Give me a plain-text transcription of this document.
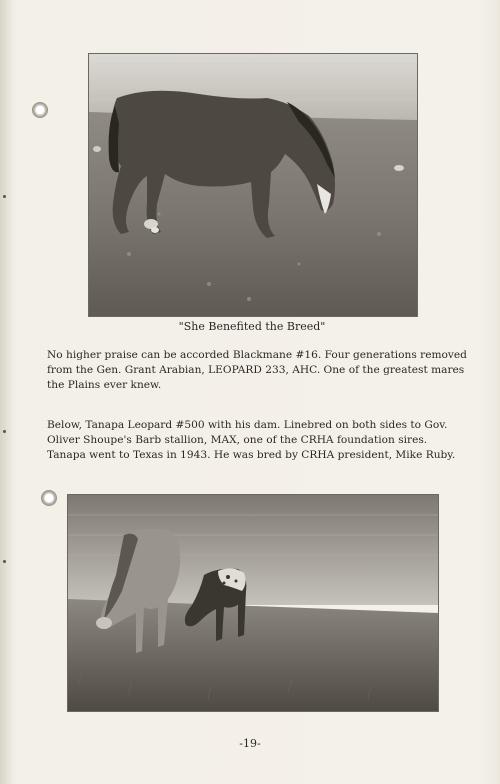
"She Benefited the Breed"

No higher praise can be accorded Blackmane #16. Four generations removed from the Gen. Grant Arabian, LEOPARD 233, AHC. One of the greatest mares the Plains ever knew.

Below, Tanapa Leopard #500 with his dam. Linebred on both sides to Gov. Oliver Shoupe's Barb stallion, MAX, one of the CRHA foundation sires. Tanapa went to Texas in 1943. He was bred by CRHA president, Mike Ruby.

-19-
